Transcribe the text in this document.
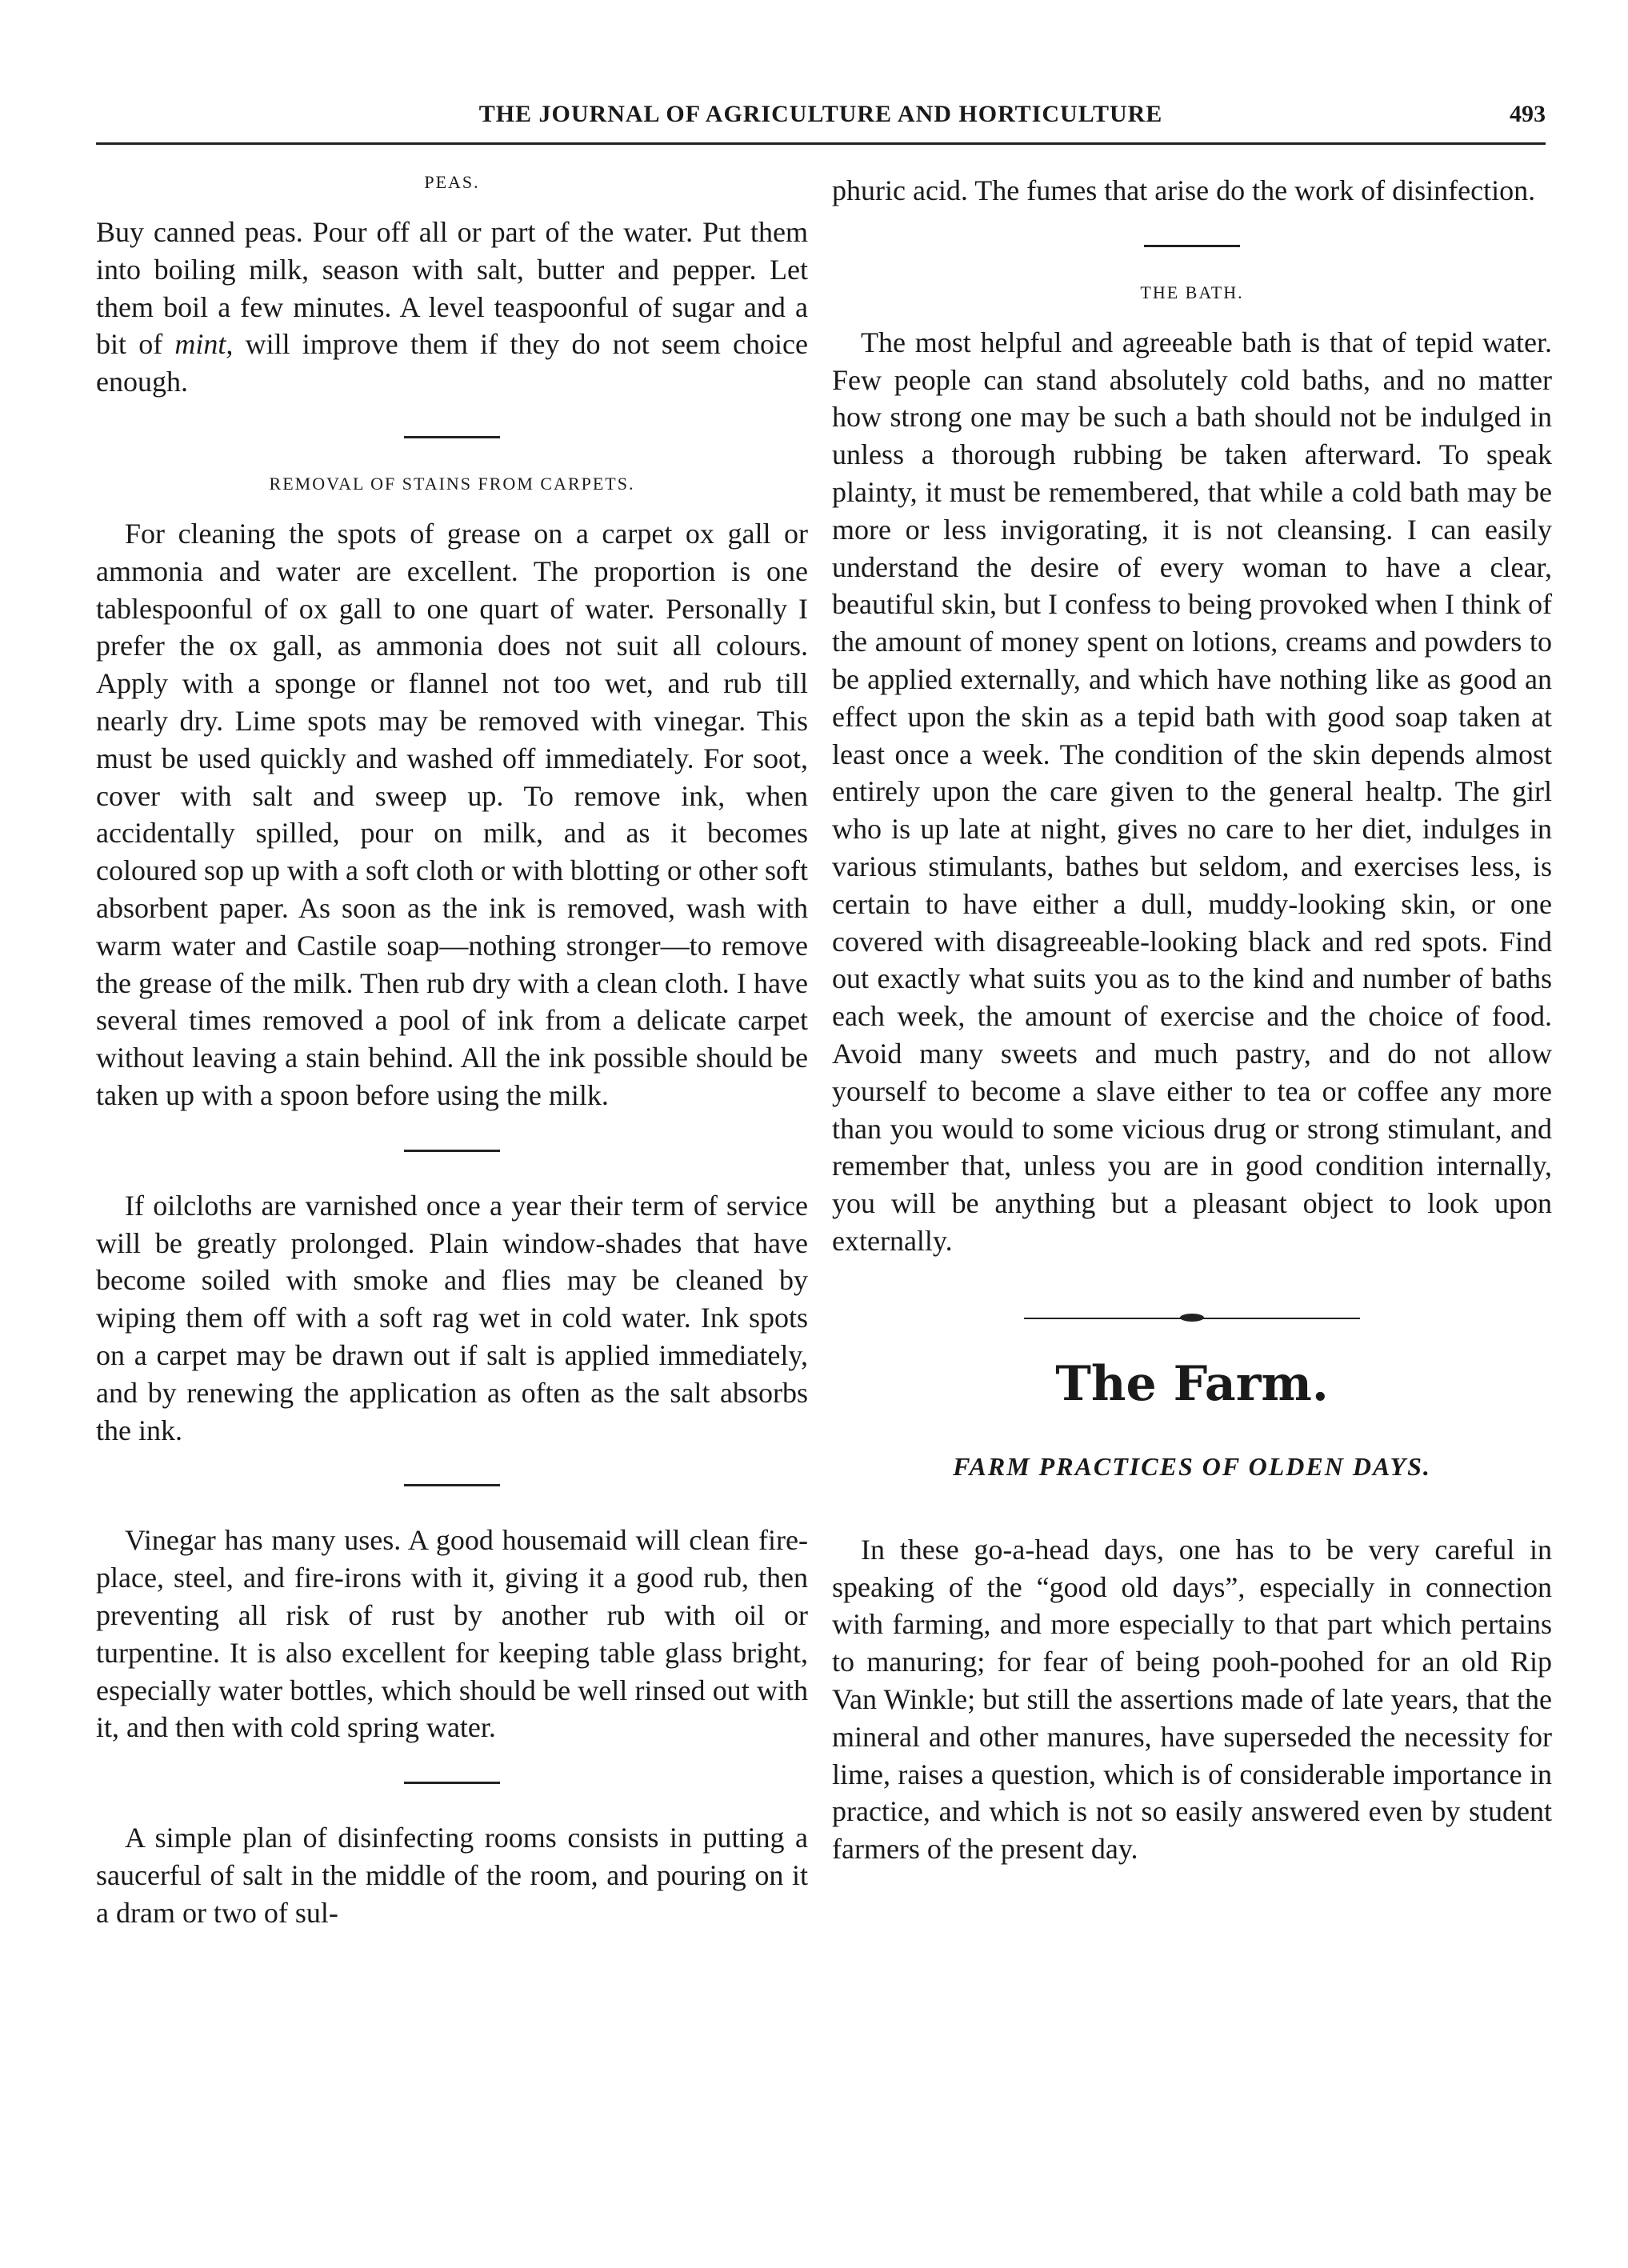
THE JOURNAL OF AGRICULTURE AND HORTICULTURE	493
PEAS.

Buy canned peas. Pour off all or part of the water. Put them into boiling milk, season with salt, butter and pepper. Let them boil a few minutes. A level teaspoonful of sugar and a bit of mint, will improve them if they do not seem choice enough.

REMOVAL OF STAINS FROM CARPETS.

For cleaning the spots of grease on a carpet ox gall or ammonia and water are excellent. The proportion is one tablespoonful of ox gall to one quart of water. Personally I prefer the ox gall, as ammonia does not suit all colours. Apply with a sponge or flannel not too wet, and rub till nearly dry. Lime spots may be removed with vinegar. This must be used quickly and washed off immediately. For soot, cover with salt and sweep up. To remove ink, when accidentally spilled, pour on milk, and as it becomes coloured sop up with a soft cloth or with blotting or other soft absorbent paper. As soon as the ink is removed, wash with warm water and Castile soap—nothing stronger—to remove the grease of the milk. Then rub dry with a clean cloth. I have several times removed a pool of ink from a delicate carpet without leaving a stain behind. All the ink possible should be taken up with a spoon before using the milk.

If oilcloths are varnished once a year their term of service will be greatly prolonged. Plain window-shades that have become soiled with smoke and flies may be cleaned by wiping them off with a soft rag wet in cold water. Ink spots on a carpet may be drawn out if salt is applied immediately, and by renewing the application as often as the salt absorbs the ink.

Vinegar has many uses. A good housemaid will clean fire-place, steel, and fire-irons with it, giving it a good rub, then preventing all risk of rust by another rub with oil or turpentine. It is also excellent for keeping table glass bright, especially water bottles, which should be well rinsed out with it, and then with cold spring water.

A simple plan of disinfecting rooms consists in putting a saucerful of salt in the middle of the room, and pouring on it a dram or two of sul-

phuric acid. The fumes that arise do the work of disinfection.

THE BATH.

The most helpful and agreeable bath is that of tepid water. Few people can stand absolutely cold baths, and no matter how strong one may be such a bath should not be indulged in unless a thorough rubbing be taken afterward. To speak plainty, it must be remembered, that while a cold bath may be more or less invigorating, it is not cleansing. I can easily understand the desire of every woman to have a clear, beautiful skin, but I confess to being provoked when I think of the amount of money spent on lotions, creams and powders to be applied externally, and which have nothing like as good an effect upon the skin as a tepid bath with good soap taken at least once a week. The condition of the skin depends almost entirely upon the care given to the general healtp. The girl who is up late at night, gives no care to her diet, indulges in various stimulants, bathes but seldom, and exercises less, is certain to have either a dull, muddy-looking skin, or one covered with disagreeable-looking black and red spots. Find out exactly what suits you as to the kind and number of baths each week, the amount of exercise and the choice of food. Avoid many sweets and much pastry, and do not allow yourself to become a slave either to tea or coffee any more than you would to some vicious drug or strong stimulant, and remember that, unless you are in good condition internally, you will be anything but a pleasant object to look upon externally.

The Farm.
FARM PRACTICES OF OLDEN DAYS.

In these go-a-head days, one has to be very careful in speaking of the “good old days”, especially in connection with farming, and more especially to that part which pertains to manuring; for fear of being pooh-poohed for an old Rip Van Winkle; but still the assertions made of late years, that the mineral and other manures, have superseded the necessity for lime, raises a question, which is of considerable importance in practice, and which is not so easily answered even by student farmers of the present day.
